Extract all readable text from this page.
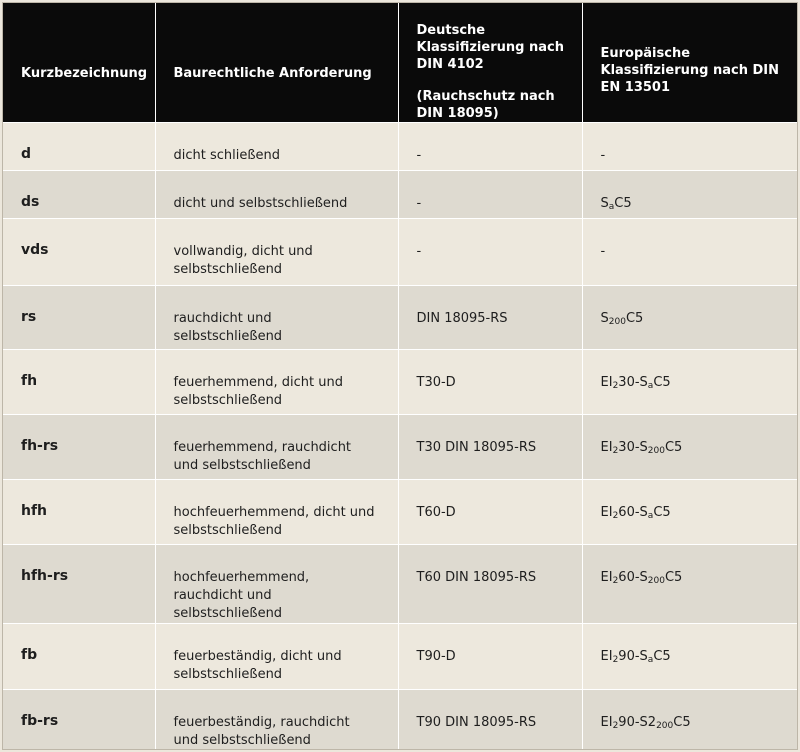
Kurzbezeichnung	Baurechtliche Anforderung	Deutsche
Klassifizierung nach
DIN 4102
(Rauchschutz nach
DIN 18095)	Europäische
Klassifizierung nach DIN
EN 13501

d	dicht schließend	-	-
ds	dicht und selbstschließend	-	$S_aC5$
vds	vollwandig, dicht und
selbstschließend	-	-
rs	rauchdicht und
selbstschließend	DIN 18095-RS	$S_{200}C5$
fh	feuerhemmend, dicht und
selbstschließend	T30-D	$EI_230-S_aC5$
fh-rs	feuerhemmend, rauchdicht
und selbstschließend	T30 DIN 18095-RS	$EI_230-S_{200}C5$
hfh	hochfeuerhemmend, dicht und
selbstschließend	T60-D	$EI_260-S_aC5$
hfh-rs	hochfeuerhemmend,
rauchdicht und
selbstschließend	T60 DIN 18095-RS	$EI_260-S_{200}C5$
fb	feuerbeständig, dicht und
selbstschließend	T90-D	$EI_290-S_aC5$
fb-rs	feuerbeständig, rauchdicht
und selbstschließend	T90 DIN 18095-RS	$EI_290-S2_{200}C5$
